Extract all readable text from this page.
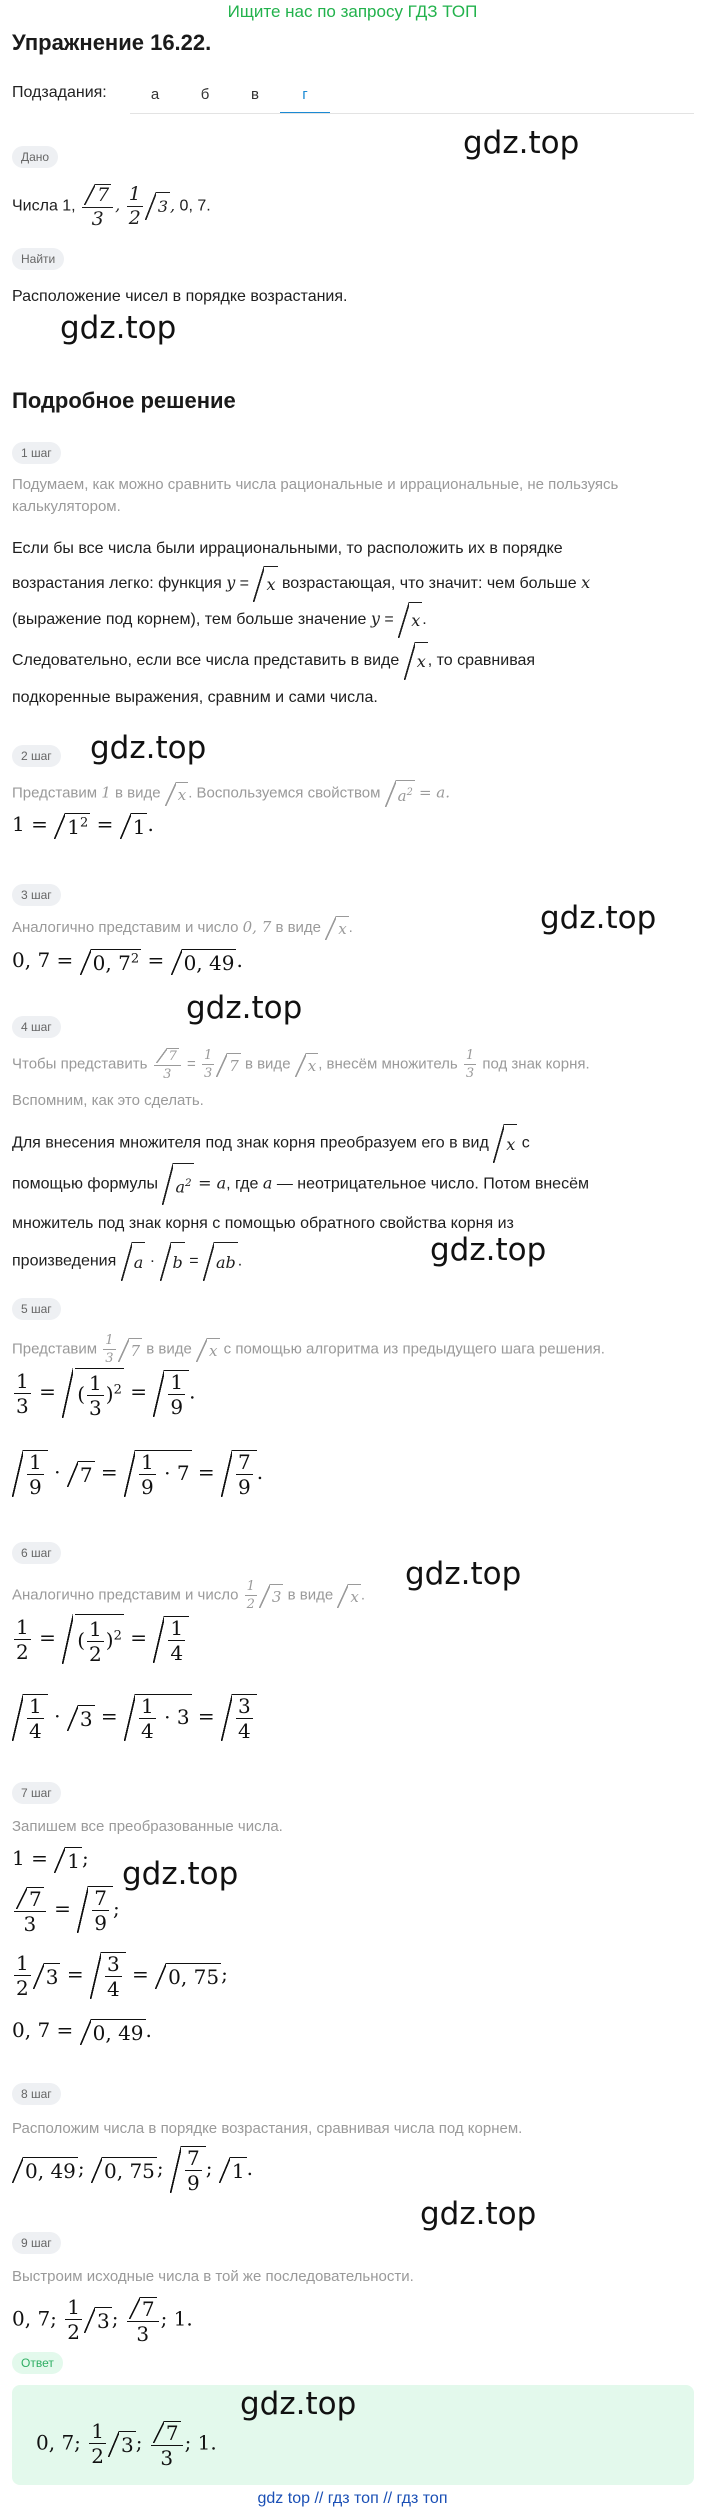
Ищите нас по запросу ГДЗ ТОП
Упражнение 16.22.
Подзадания:	а	б	в	г
Дано	gdz.top
Числа 1, $\frac{7}{3}$ , $\frac{1}{2} 3$ , 0, 7.
Найти
Расположение чисел в порядке возрастания.
gdz.top
Подробное решение
1 шаг
Подумаем, как можно сравнить числа рациональные и иррациональные, не пользуясь калькулятором.
Если бы все числа были иррациональными, то расположить их в порядке
возрастания легко: функция y = x возрастающая, что значит: чем больше x
(выражение под корнем), тем больше значение y = x .
Следовательно, если все числа представить в виде x , то сравнивая
подкоренные выражения, сравним и сами числа.
2 шаг gdz.top
Представим 1 в виде x . Воспользуемся свойством $a^2 = a$.
$1 = 1^2 = 1$ .
3 шаг
gdz.top
Аналогично представим и число 0, 7 в виде x .
0, 7 = 0, $7^2 = 0$, 49 .
gdz.top
4 шаг
Чтобы представить $\frac{7}{3} = \frac{1}{3} 7$ в виде x , внесём множитель $\frac{1}{3}$ под знак корня.
Вспомним, как это сделать.
Для внесения множителя под знак корня преобразуем его в вид x с
помощью формулы $a^2 = a$, где a — неотрицательное число. Потом внесём
множитель под знак корня с помощью обратного свойства корня из
произведения a · b = ab .	gdz.top
5 шаг
Представим $\frac{1}{3} 7$ в виде x с помощью алгоритма из предыдущего шага решения.
$\frac{1}{3}$ = ( $\frac{1}{3} )^2 = \frac{1}{9}$ .
$\frac{1}{9} \cdot 7 = \frac{1}{9} \cdot 7 = \frac{7}{9}$ .
6 шаг
gdz.top
Аналогично представим и число $\frac{1}{2} 3$ в виде x .
$\frac{1}{2}$ = ( $\frac{1}{2} )^2 = \frac{1}{4}$
$\frac{1}{4} \cdot 3 = \frac{1}{4} \cdot 3 = \frac{3}{4}$
7 шаг
Запишем все преобразованные числа.
1 = 1 ; gdz.top
$\frac{7}{3} = \frac{7}{9}$ ;
$\frac{1}{2} 3 = \frac{3}{4} = 0$, 75 ;
0, 7 = 0, 49 .
8 шаг
Расположим числа в порядке возрастания, сравнивая числа под корнем.
0, 49 ; 0, 75 ; $\frac{7}{9}$ ; 1 .
gdz.top
9 шаг
Выстроим исходные числа в той же последовательности.
0, 7; $\frac{1}{2} 3$ ; $\frac{7}{3}$ ; 1.
Ответ
gdz.top
0, 7; $\frac{1}{2} 3$ ; $\frac{7}{3}$ ; 1.
gdz top // гдз топ // гдз топ
